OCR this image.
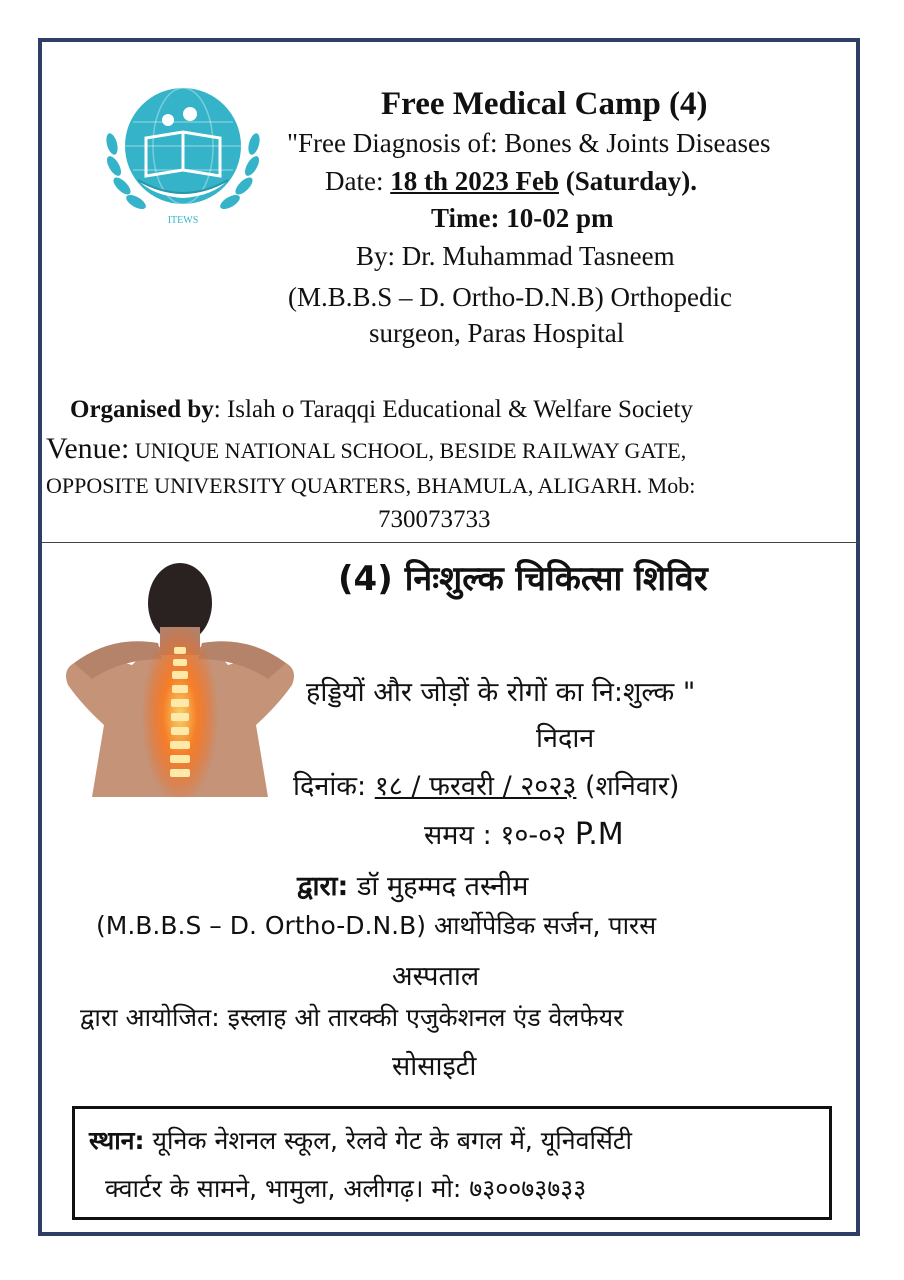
ITEWS
Free Medical Camp (4)
"Free Diagnosis of: Bones & Joints Diseases
Date: 18 th 2023 Feb (Saturday).
Time: 10-02 pm
By: Dr. Muhammad Tasneem
(M.B.B.S – D. Ortho-D.N.B) Orthopedic
surgeon, Paras Hospital
Organised by: Islah o Taraqqi Educational & Welfare Society
Venue: UNIQUE NATIONAL SCHOOL, BESIDE RAILWAY GATE,
OPPOSITE UNIVERSITY QUARTERS, BHAMULA, ALIGARH. Mob:
730073733
(4) निःशुल्क चिकित्सा शिविर
हड्डियों और जोड़ों के रोगों का नि:शुल्क "
निदान
दिनांक: १८ / फरवरी / २०२३ (शनिवार)
समय : १०-०२ P.M
द्वारा: डॉ मुहम्मद तस्नीम
(M.B.B.S – D. Ortho-D.N.B) आर्थोपेडिक सर्जन, पारस
अस्पताल
द्वारा आयोजित: इस्लाह ओ तारक्की एजुकेशनल एंड वेलफेयर
सोसाइटी
स्थान: यूनिक नेशनल स्कूल, रेलवे गेट के बगल में, यूनिवर्सिटी
क्वार्टर के सामने, भामुला, अलीगढ़। मो: ७३००७३७३३
